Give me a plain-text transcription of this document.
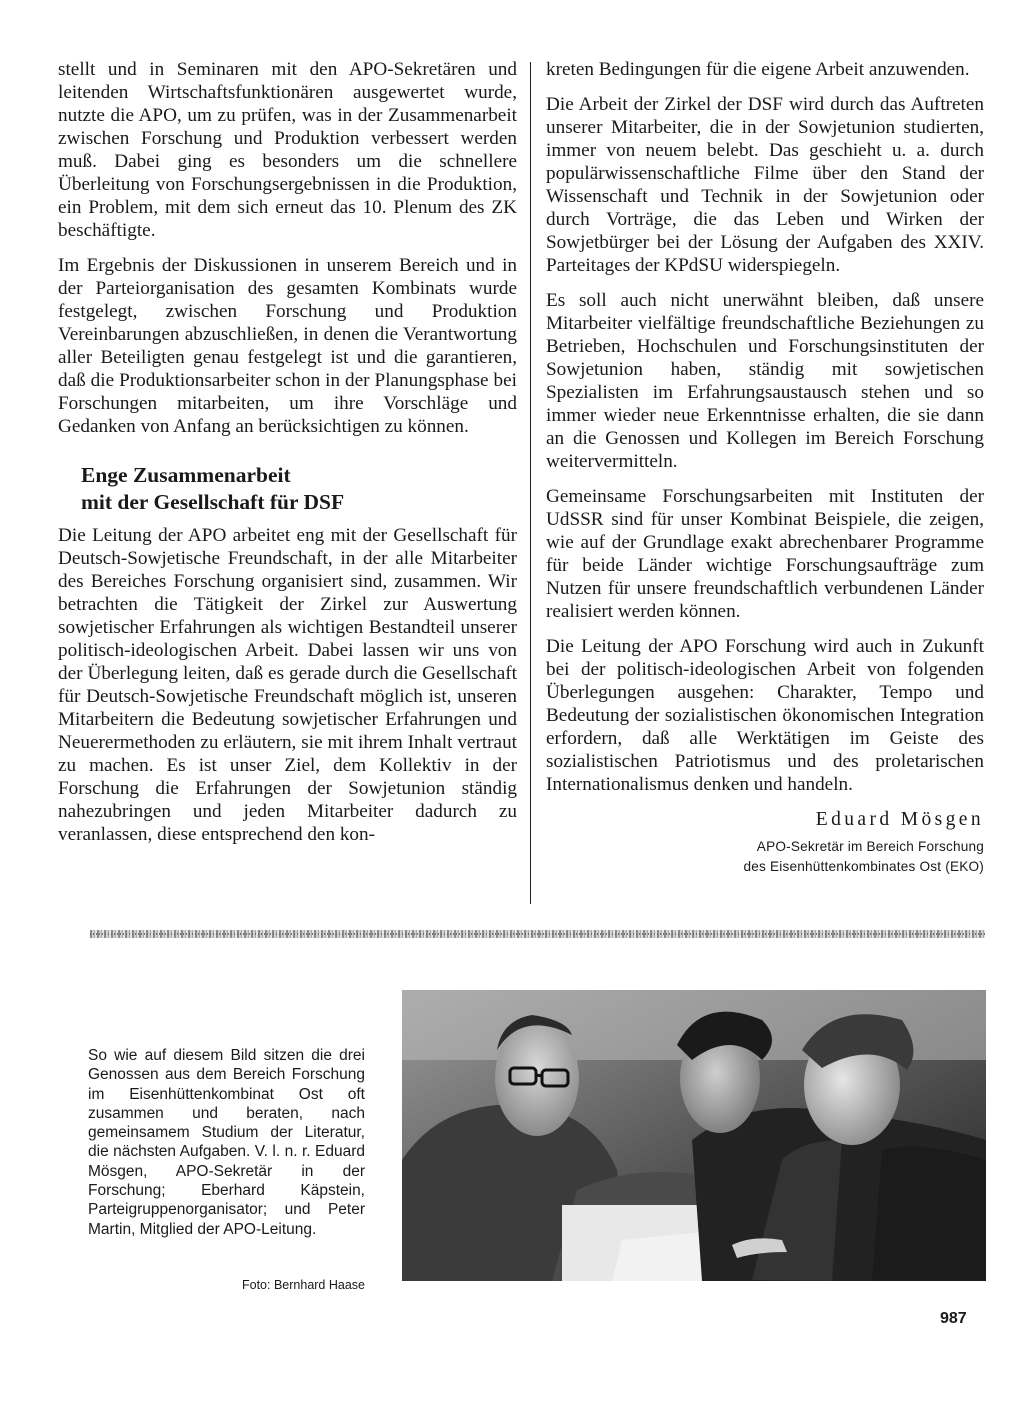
stellt und in Seminaren mit den APO-Sekretären und leitenden Wirtschaftsfunktionären ausgewertet wurde, nutzte die APO, um zu prüfen, was in der Zusammenarbeit zwischen Forschung und Produktion verbessert werden muß. Dabei ging es besonders um die schnellere Überleitung von Forschungsergebnissen in die Produktion, ein Problem, mit dem sich erneut das 10. Plenum des ZK beschäftigte.

Im Ergebnis der Diskussionen in unserem Bereich und in der Parteiorganisation des gesamten Kombinats wurde festgelegt, zwischen Forschung und Produktion Vereinbarungen abzuschließen, in denen die Verantwortung aller Beteiligten genau festgelegt ist und die garantieren, daß die Produktionsarbeiter schon in der Planungsphase bei Forschungen mitarbeiten, um ihre Vorschläge und Gedanken von Anfang an berücksichtigen zu können.

Enge Zusammenarbeit
mit der Gesellschaft für DSF

Die Leitung der APO arbeitet eng mit der Gesellschaft für Deutsch-Sowjetische Freundschaft, in der alle Mitarbeiter des Bereiches Forschung organisiert sind, zusammen. Wir betrachten die Tätigkeit der Zirkel zur Auswertung sowjetischer Erfahrungen als wichtigen Bestandteil unserer politisch-ideologischen Arbeit. Dabei lassen wir uns von der Überlegung leiten, daß es gerade durch die Gesellschaft für Deutsch-Sowjetische Freundschaft möglich ist, unseren Mitarbeitern die Bedeutung sowjetischer Erfahrungen und Neuerermethoden zu erläutern, sie mit ihrem Inhalt vertraut zu machen. Es ist unser Ziel, dem Kollektiv in der Forschung die Erfahrungen der Sowjetunion ständig nahezubringen und jeden Mitarbeiter dadurch zu veranlassen, diese entsprechend den kon-

kreten Bedingungen für die eigene Arbeit anzuwenden.

Die Arbeit der Zirkel der DSF wird durch das Auftreten unserer Mitarbeiter, die in der Sowjetunion studierten, immer von neuem belebt. Das geschieht u. a. durch populärwissenschaftliche Filme über den Stand der Wissenschaft und Technik in der Sowjetunion oder durch Vorträge, die das Leben und Wirken der Sowjetbürger bei der Lösung der Aufgaben des XXIV. Parteitages der KPdSU widerspiegeln.

Es soll auch nicht unerwähnt bleiben, daß unsere Mitarbeiter vielfältige freundschaftliche Beziehungen zu Betrieben, Hochschulen und Forschungsinstituten der Sowjetunion haben, ständig mit sowjetischen Spezialisten im Erfahrungsaustausch stehen und so immer wieder neue Erkenntnisse erhalten, die sie dann an die Genossen und Kollegen im Bereich Forschung weitervermitteln.

Gemeinsame Forschungsarbeiten mit Instituten der UdSSR sind für unser Kombinat Beispiele, die zeigen, wie auf der Grundlage exakt abrechenbarer Programme für beide Länder wichtige Forschungsaufträge zum Nutzen für unsere freundschaftlich verbundenen Länder realisiert werden können.

Die Leitung der APO Forschung wird auch in Zukunft bei der politisch-ideologischen Arbeit von folgenden Überlegungen ausgehen: Charakter, Tempo und Bedeutung der sozialistischen ökonomischen Integration erfordern, daß alle Werktätigen im Geiste des sozialistischen Patriotismus und des proletarischen Internationalismus denken und handeln.

Eduard Mösgen
APO-Sekretär im Bereich Forschung
des Eisenhüttenkombinates Ost (EKO)
So wie auf diesem Bild sitzen die drei Genossen aus dem Bereich Forschung im Eisenhüttenkombinat Ost oft zusammen und beraten, nach gemeinsamem Studium der Literatur, die nächsten Aufgaben. V. l. n. r. Eduard Mösgen, APO-Sekretär in der Forschung; Eberhard Käpstein, Parteigruppenorganisator; und Peter Martin, Mitglied der APO-Leitung.
Foto: Bernhard Haase
987
